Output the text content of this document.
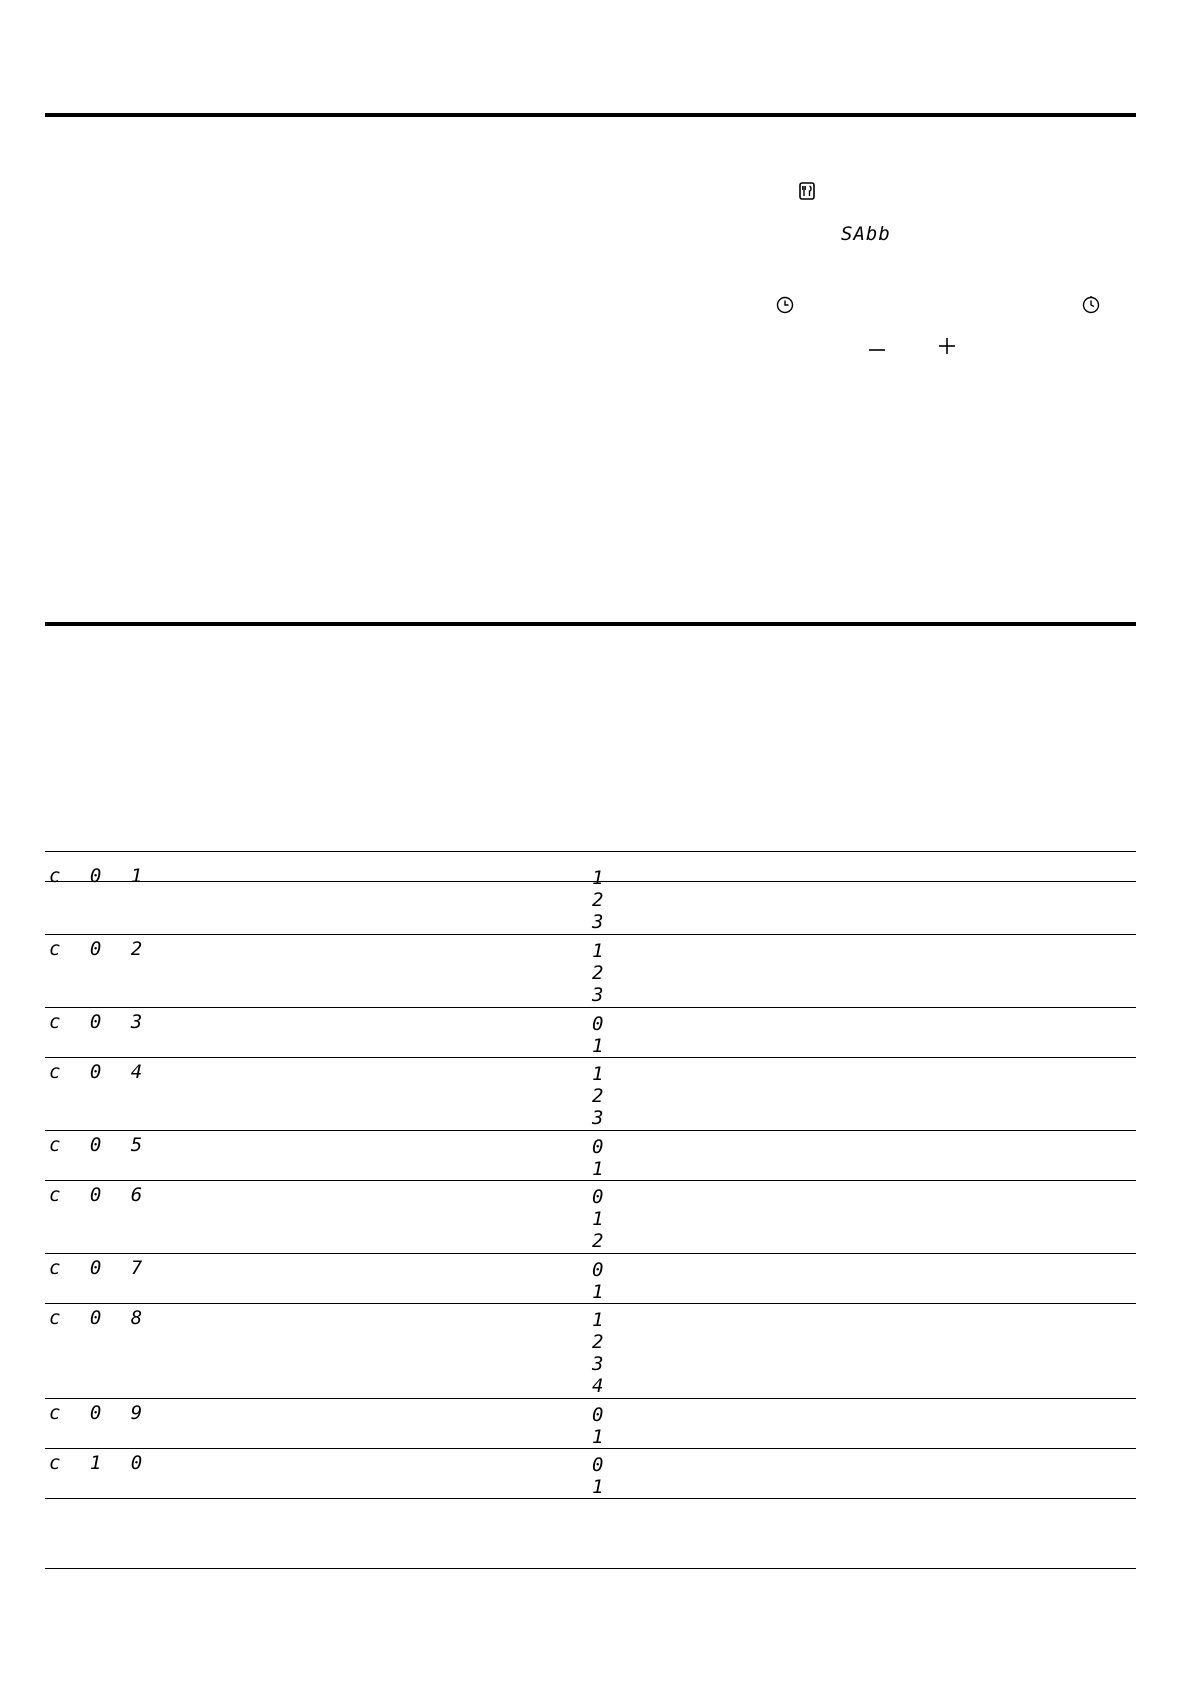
SAbb
c 0 1	1
2
3
c 0 2	1
2
3
c 0 3	0
1
c 0 4	1
2
3
c 0 5	0
1
c 0 6	0
1
2
c 0 7	0
1
c 0 8	1
2
3
4
c 0 9	0
1
c 1 0	0
1
